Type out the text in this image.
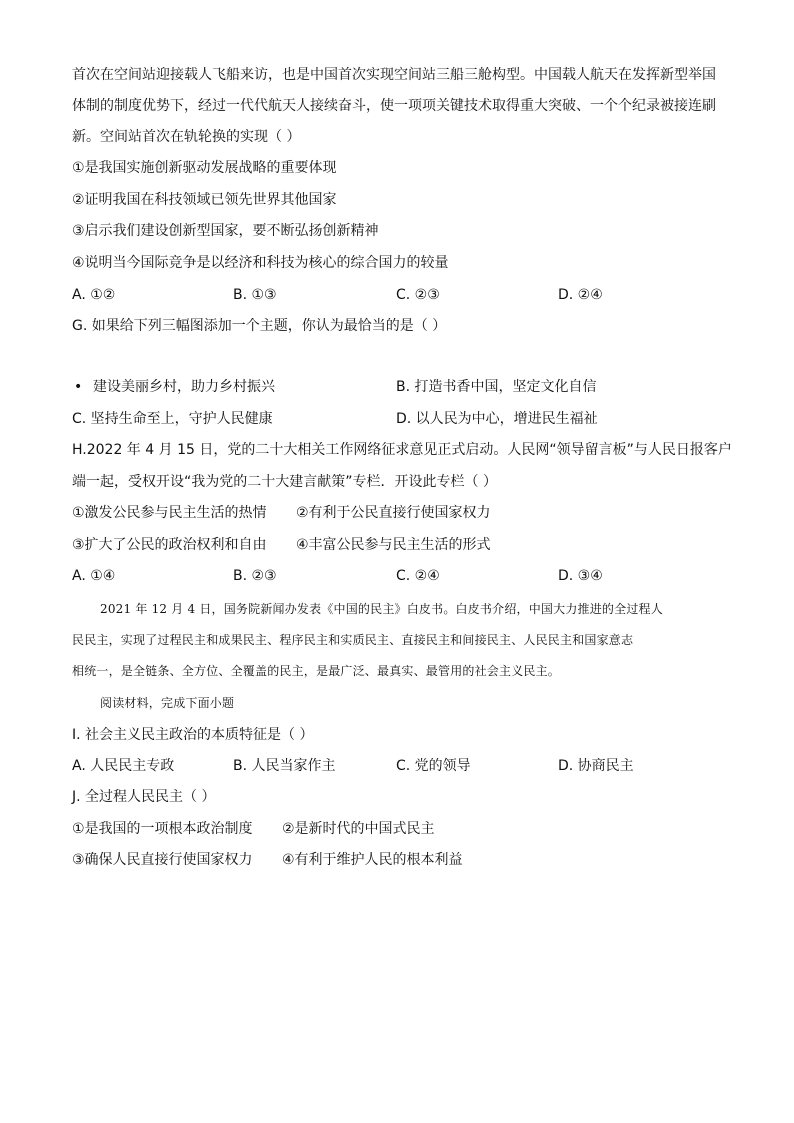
首次在空间站迎接载人飞船来访，也是中国首次实现空间站三船三舱构型。中国载人航天在发挥新型举国
体制的制度优势下，经过一代代航天人接续奋斗，使一项项关键技术取得重大突破、一个个纪录被接连刷
新。空间站首次在轨轮换的实现（ ）
①是我国实施创新驱动发展战略的重要体现
②证明我国在科技领域已领先世界其他国家
③启示我们建设创新型国家，要不断弘扬创新精神
④说明当今国际竞争是以经济和科技为核心的综合国力的较量
A. ①②	B. ①③	C. ②③	D. ②④
G. 如果给下列三幅图添加一个主题，你认为最恰当的是（ ）
• 建设美丽乡村，助力乡村振兴	B. 打造书香中国，坚定文化自信
C. 坚持生命至上，守护人民健康	D. 以人民为中心，增进民生福祉
H.2022 年 4 月 15 日，党的二十大相关工作网络征求意见正式启动。人民网“领导留言板”与人民日报客户
端一起，受权开设“我为党的二十大建言献策”专栏．开设此专栏（ ）
①激发公民参与民主生活的热情 ②有利于公民直接行使国家权力
③扩大了公民的政治权利和自由 ④丰富公民参与民主生活的形式
A. ①④	B. ②③	C. ②④	D. ③④
2021 年 12 月 4 日，国务院新闻办发表《中国的民主》白皮书。白皮书介绍，中国大力推进的全过程人
民民主，实现了过程民主和成果民主、程序民主和实质民主、直接民主和间接民主、人民民主和国家意志
相统一，是全链条、全方位、全覆盖的民主，是最广泛、最真实、最管用的社会主义民主。
阅读材料，完成下面小题
I. 社会主义民主政治的本质特征是（ ）
A. 人民民主专政	B. 人民当家作主	C. 党的领导	D. 协商民主
J. 全过程人民民主（ ）
①是我国的一项根本政治制度 ②是新时代的中国式民主
③确保人民直接行使国家权力 ④有利于维护人民的根本利益
